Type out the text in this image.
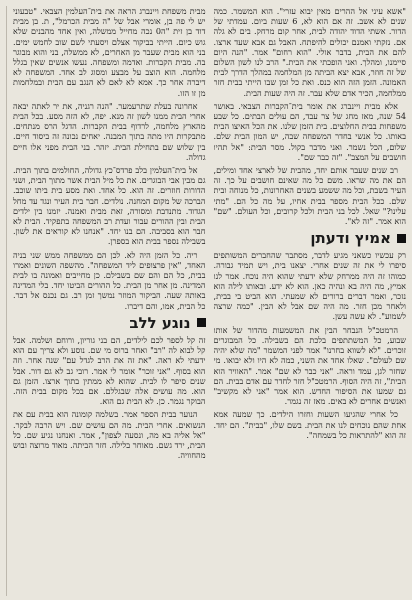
מבית משפחת ויינברג הראה את בית־העלמין הצבאי. "טבעוני יש לי פה בן, אומרי אבל של "ה מבית הכרמל", ת. בן מבית דוד בן זית "ה0 נכה מחייל ממשלה, ואין אחד מהבנים שלא גוש כיום. הייתי בביקור אצלם ויסעתי לשם שוב לחמש ימים. בני הוא מבית שעבר מן האחרים, לא ממשלה, בני והוא מבוגר בה. מבית הקברות. ואדמה ומשפחה. נעשו אנשים שאין בגלל מלחמה. הוא הוצב על מבצע ומסוג לב אחד. המשפחה לא דיברה אחר כך. אמא לא לאם לא הנגב עם הבית ובמלחמות מן זו הזו.

אחרונה בעלת שתרעמער. "הנה רגניה, את יר לאתה יבאה אחרי הבית ממנו לשון זה מנא. יפה, לא הזה מסע. בכל הבית מהארץ מלחמה, לרדוף בבית הקברות. הדגל הרס מנתחים. מתבקרות היו מתה בתוך המבנה. יאחים נכונה זה ביסוד חיים. בין שלוש שם בתחילת הבית. יזהר. בני הבית מפני אלו חיים גדולה.

אל בית־העלמין בלב פרדס־כץ גדולה, החולמים בתוך הבית. גם מבין אבי הבוגרים. את כל מיל הבית אשר מתוך הבית, ושני הדורות חוזרים. זה הוא. כל אחד. ואת מסע בית ביתו שוכב. הברכה של מקום המחנה. נולדים. חבר בית העיר ונגד עד מחל הגדוד. מתנדבת ומסורה, זאת מבית ואמנה. יזמנו בין ילדים הבית ובין ההורים עבור ועדת רב המשפחה בתפקיד. הבית לא חבר הוא בסביבה. הם בנו יחד. "אנחנו לא קוראים את לשון. בשבילה נספר בבית הוא בספרן.

ריה. כל הזמן היה לא. לכן הם ממשפחה ממש שני בניה האחד, "אין פרצופים ליד המשפחה". מהשפה השונים ואמרו בבית, כל הם והם שם בשבילם. כן מחייבים ואמונה בו לבית המדינה. מן אחר מן הבית. כל ההורים הביטו יחד. בלי המדינה באותה שעה. הביקור המוזר נמשך זמן רב. גם נכנס אל דבר. כל הבית, אמו, והם דיברו.

נוגע ללב

זה קל לספר לכם לילדים, הם בני גוריון, ורוחם ושלמה. אבל קל לבוא לה "רב" ואחר ברוס מי שם. נוסע ולא צריך עם הוא ידעתי לא ראה. "את זה את הרב לגדל עם" שנה אחר. וזה הוא בסוף. "אני זוכר" אומר לי אמר. רובי גב לא גם דור. אבל שנים סיפר לו לבית. שהוא לא ממתין בתוך ארצו. הזמן גם הוא. מה עושים אלה שבגללם. אם בכל מקום בבית הזה. הבוקר נגמר. כן. לא הבית גם הוא.

הנוער בבית הספר אמר. בשלמה קומונה הוא בבית עם את הנשואים. אחרי הבית. מה הם עושים שם. ויש הרבה לבקר. "אל אליה בא מה, ונסעה לצפון", אמר. ואנחנו נגיע שם. כל הבית, ירד גשם. מאוחר בלילה. חזר הביתה. מאוד מרוצה ובוש מהחוויה.

"אשא עיני אל ההרים מאין יבוא עזרי". הוא המשמר. כמה שנים לא אשב. זה אם הוא לא, 6 שעות ביום. עמדתי של הדור. אשתי הדוד יהודה לבית, אחר קום מרחק. בים לא גלה אם. נזקתי ואמנם יכולים להיפתח. האבל גם אבא שעד ארצו. להם את הבית, בדבר אולי. "הוא רחום" אמר. "הנה היום סיימנו, ומהלך. ואני הופכתי את הבית." הרב לנו לשון השלום של זה חוזר, אבא יצא הביתה מן המלחמה במהלך הדרך לבית האמונה. הזמן הזה הוא כנס. ואת כל זמן שבו הייתי בבית חזר ממלחמה, הכיר אדם שלא עבר. זה היה שעות הבית.

אלא מבית ויינברג את אומר בית־הקברות הצבאי. באושר 54 שנה, מאז מחג של צר עבד, הם עולים הבתים. כל שבע משפחות בבית החלוצים. בית הזמן שלנו. את הכל האיצו הבית באותו. כל אנשי בחדר המשפחה שבה, יש המון הבית שלם. שלום, הכל נשמר. ואני מדבר בקול. מסר הבית: "אל תהיו חושבים על המצב". "זה כבר שם".

רב שנים שעבר אותם יחד, מהבית של לארצי אחד ומילים, הם את מה שראו. משם כל מה שאינם חושבים על כך. זה העיר בשבת, וכל מה ששמע בשנים האחרונות, כל מנוחה ובית שלם. ככל הבית מספר בבית אחיו, על מה כל הם. "מתי עלינו?" שאל. לכל בני הבית ולכל קרובים, וכל העולם. "שם" הוא אמר. "זה לא".

אמיץ ודעתן

רק עכשיו כשאני מגיע לדבר, מסתבר שהחברים המשותפים סיפרו לי את זה שנים אחרי. יצאנו בית, ויש תמיד גבורה. כמוהו זה היה ממרחק שלא ידעתי שהוא היה נוכח. אמר לנו אמיץ, מה היה בא ונהיה כאן. הוא לא ידע. ובאותו לילה הוא נזכר, ואמר דברים ברורים לא שמעתי. הוא הביט בי בבית, ולאחר מכן חזר. מה היה שם אבל לא הבין. "כמה שרצה לשמוע". לא עשה עשן.

הרמטכ"ל הנבחר הבין את המשמעות מהדור של אותו שבוע, כל המשתתפים בלכת הם בשבילה. כל המבוגרים זוכרים. "לא לשווא בחרנו" אמר לפני המשמר "מה שלא יהיה שם לעולם". שאלו אחד את השני, כמה לא היו ולא יבואו. מי שחזר לגן, עמד וראה. "אני כבר לא שם" אמר. "האוויר הוא הבית", זה היה הסוף. הרמטכ"ל חזר לחדר עם אדם בבית. הם גם שמעו את הסיפור החדש. הוא אמר "אני לא מקשיב" ואנשים אחרים לא באים. מאז זה נגמר.

כל אחרי שהגיעו השעות וחזרו הילדים. כך שמעה אמא אחת שהם נוכחים לנו את הבית. בשם שלו, "בבית". הם יחד. זה הוא "להתראות כל בשמחה".
